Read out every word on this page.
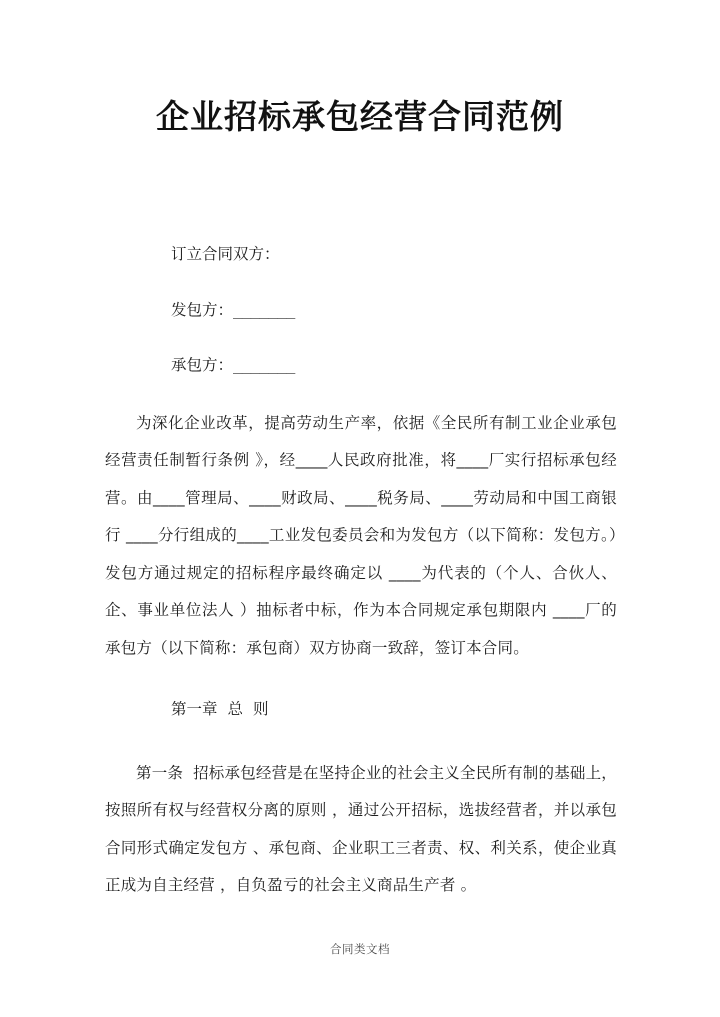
企业招标承包经营合同范例

订立合同双方：

发包方：_______

承包方：_______

为深化企业改革，提高劳动生产率，依据《全民所有制工业企业承包经营责任制暂行条例 》，经____人民政府批准，将____厂实行招标承包经营。由____管理局、____财政局、____税务局、____劳动局和中国工商银行 ____分行组成的____工业发包委员会和为发包方（以下简称：发包方。）发包方通过规定的招标程序最终确定以 ____为代表的（个人、合伙人、企、事业单位法人 ）抽标者中标，作为本合同规定承包期限内 ____厂的承包方（以下简称：承包商）双方协商一致辞，签订本合同。

第一章 总 则

第一条 招标承包经营是在坚持企业的社会主义全民所有制的基础上，按照所有权与经营权分离的原则 ，通过公开招标，选拔经营者，并以承包合同形式确定发包方 、承包商、企业职工三者责、权、利关系，使企业真正成为自主经营 ，自负盈亏的社会主义商品生产者 。

合同类文档
